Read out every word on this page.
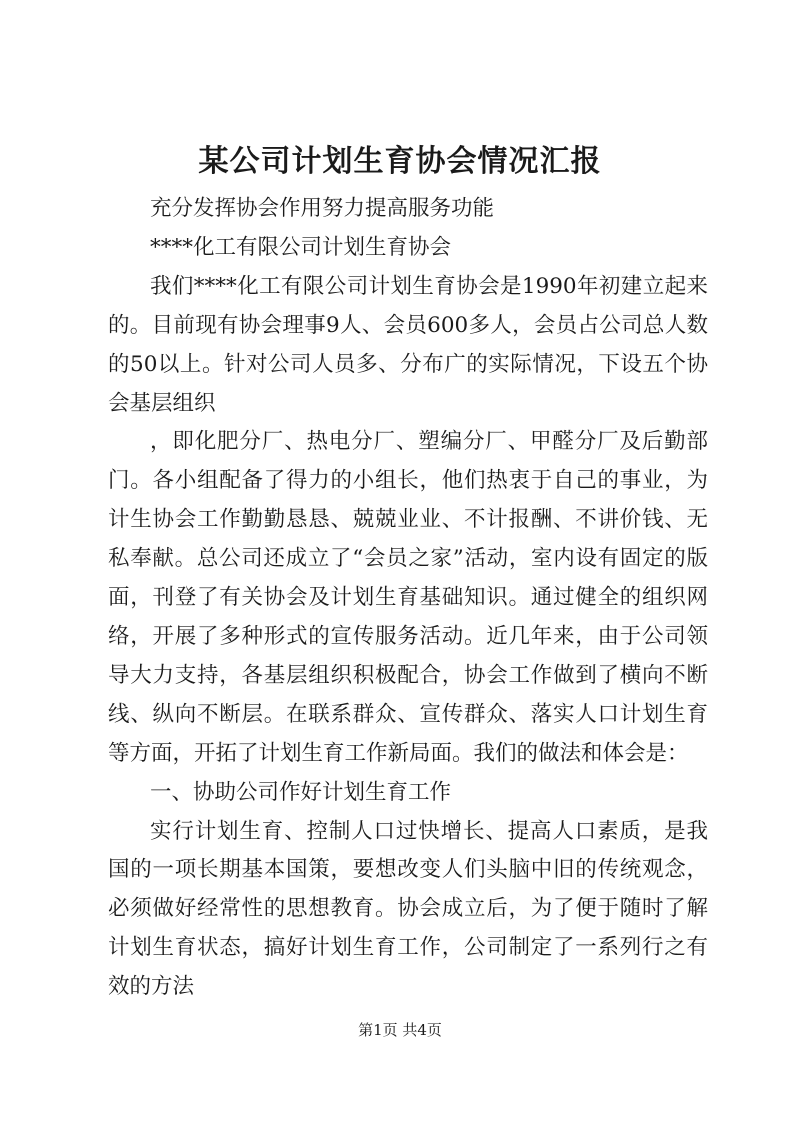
某公司计划生育协会情况汇报

充分发挥协会作用努力提高服务功能

****化工有限公司计划生育协会

我们****化工有限公司计划生育协会是1990年初建立起来的。目前现有协会理事9人、会员600多人，会员占公司总人数的50以上。针对公司人员多、分布广的实际情况，下设五个协会基层组织

，即化肥分厂、热电分厂、塑编分厂、甲醛分厂及后勤部门。各小组配备了得力的小组长，他们热衷于自己的事业，为计生协会工作勤勤恳恳、兢兢业业、不计报酬、不讲价钱、无私奉献。总公司还成立了“会员之家”活动，室内设有固定的版面，刊登了有关协会及计划生育基础知识。通过健全的组织网络，开展了多种形式的宣传服务活动。近几年来，由于公司领导大力支持，各基层组织积极配合，协会工作做到了横向不断线、纵向不断层。在联系群众、宣传群众、落实人口计划生育等方面，开拓了计划生育工作新局面。我们的做法和体会是：

一、协助公司作好计划生育工作

实行计划生育、控制人口过快增长、提高人口素质，是我国的一项长期基本国策，要想改变人们头脑中旧的传统观念，必须做好经常性的思想教育。协会成立后，为了便于随时了解计划生育状态，搞好计划生育工作，公司制定了一系列行之有效的方法

第1页 共4页
